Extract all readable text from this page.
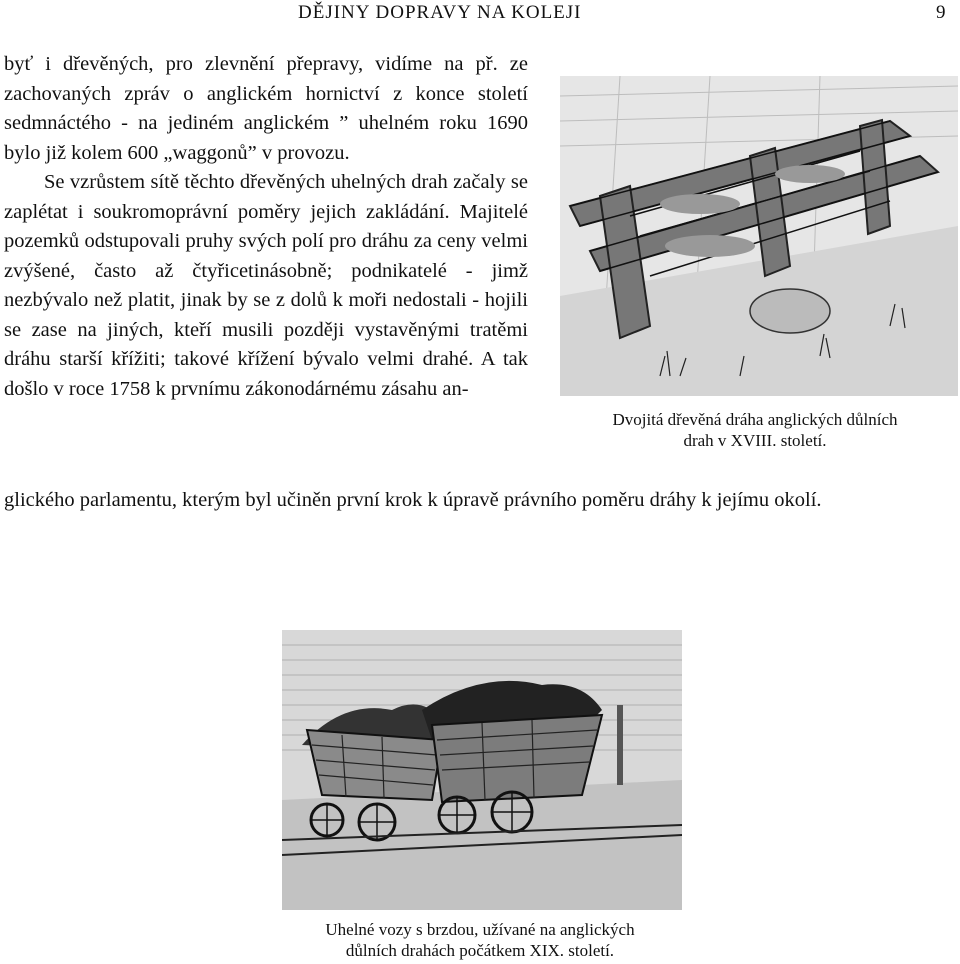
DĚJINY DOPRAVY NA KOLEJI	9

byť i dřevěných, pro zlevnění přepravy, vidíme na př. ze zachovaných zpráv o anglickém hornictví z konce století sedmnáctého - na jediném anglickém ” uhelném roku 1690 bylo již kolem 600 „waggonů” v provozu.

Se vzrůstem sítě těchto dřevěných uhelných drah začaly se zaplétat i soukromoprávní poměry jejich zakládání. Majitelé pozemků odstupovali pruhy svých polí pro dráhu za ceny velmi zvýšené, často až čtyřicetinásobně; podnikatelé - jimž nezbývalo než platit, jinak by se z dolů k moři nedostali - hojili se zase na jiných, kteří musili později vystavěnými tratěmi dráhu starší křížiti; takové křížení bývalo velmi drahé. A tak došlo v roce 1758 k prvnímu zákonodárnému zásahu an-

glického parlamentu, kterým byl učiněn první krok k úpravě právního poměru dráhy k jejímu okolí.
Dvojitá dřevěná dráha anglických důlních
drah v XVIII. století.
Uhelné vozy s brzdou, užívané na anglických
důlních drahách počátkem XIX. století.
